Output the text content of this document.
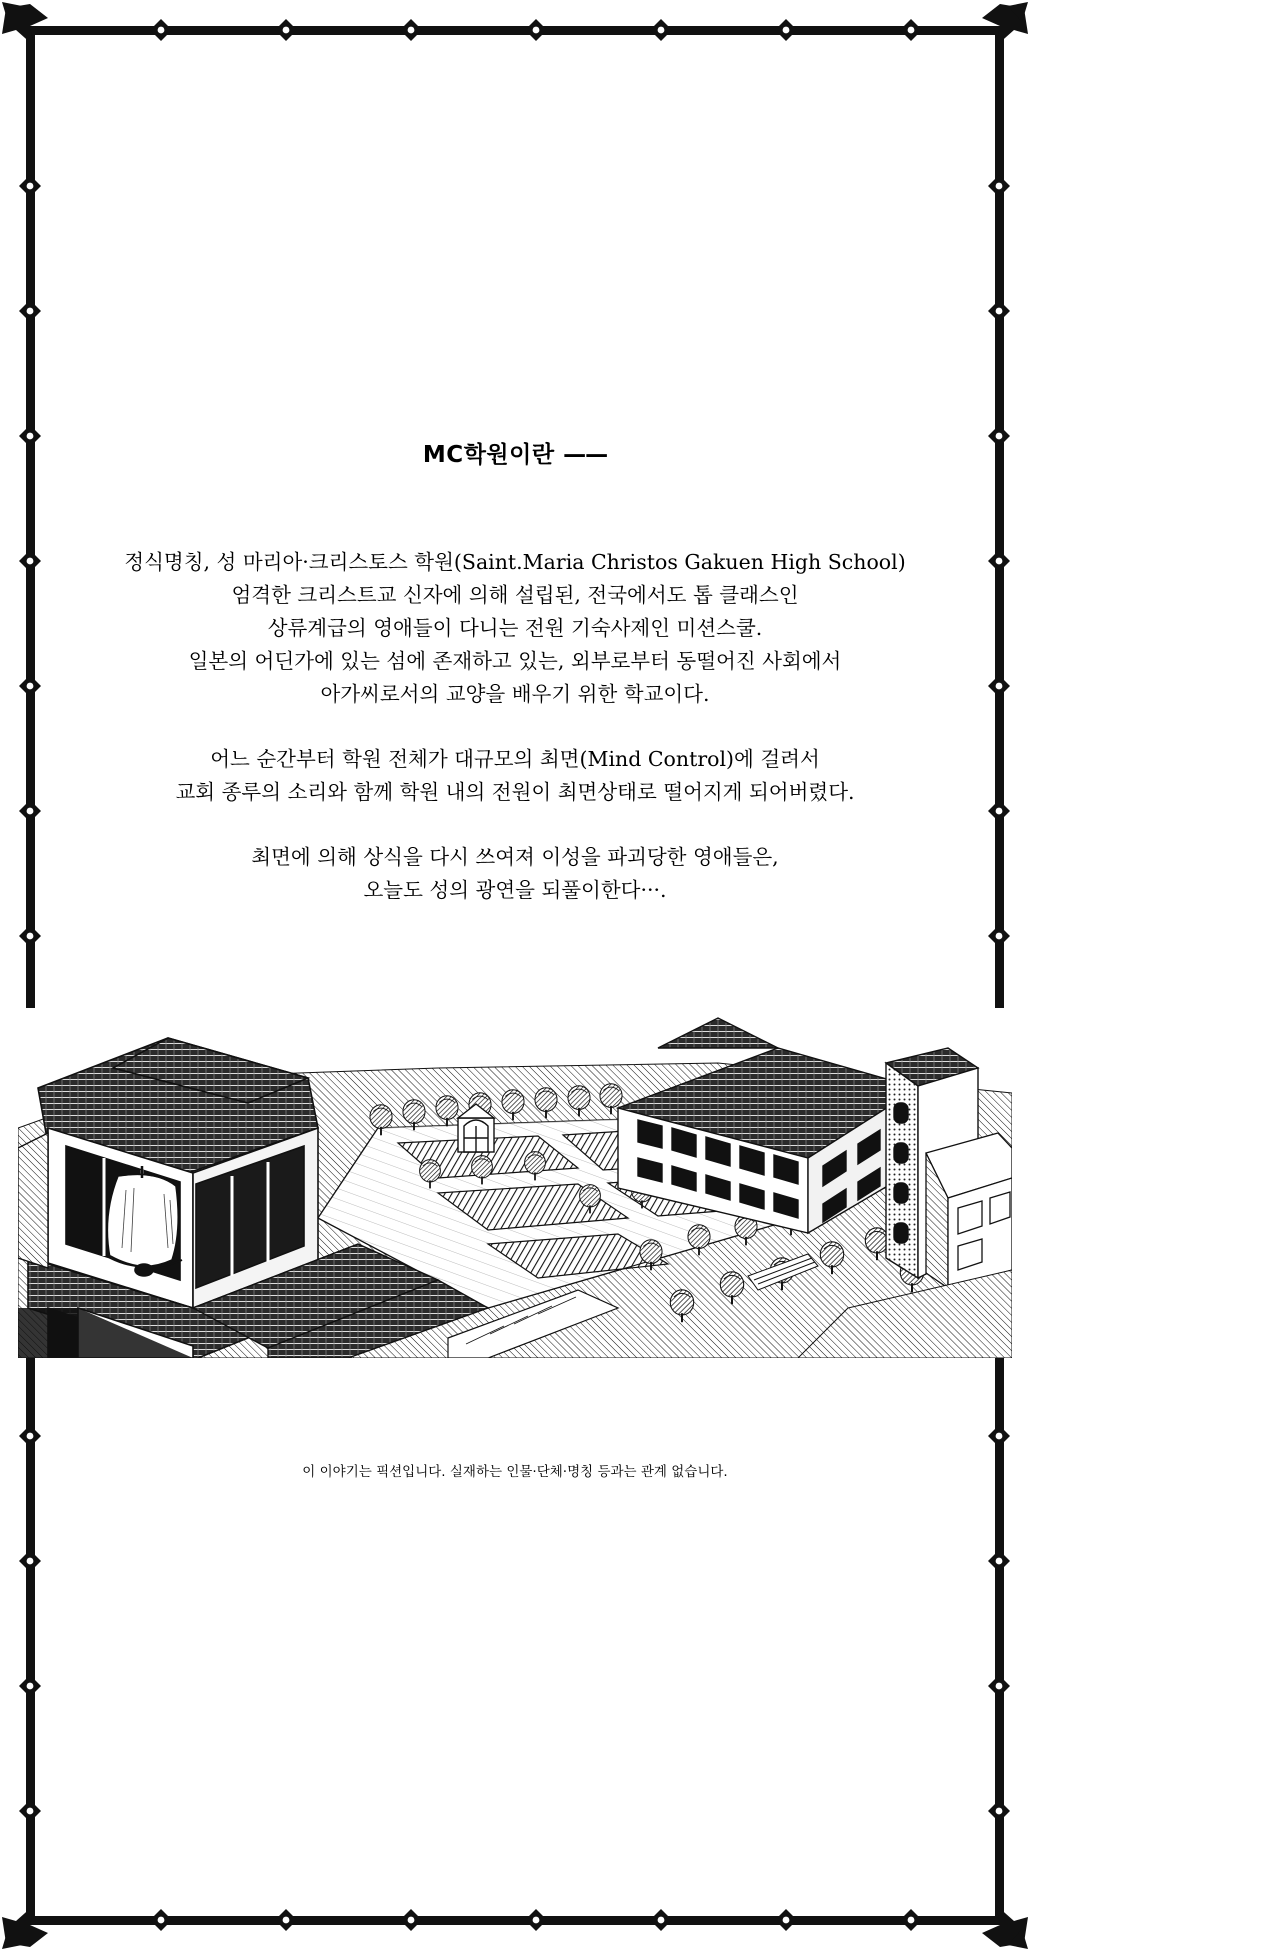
MC학원이란 ——

정식명칭, 성 마리아·크리스토스 학원(Saint.Maria Christos Gakuen High School)
엄격한 크리스트교 신자에 의해 설립된, 전국에서도 톱 클래스인
상류계급의 영애들이 다니는 전원 기숙사제인 미션스쿨.
일본의 어딘가에 있는 섬에 존재하고 있는, 외부로부터 동떨어진 사회에서
아가씨로서의 교양을 배우기 위한 학교이다.

어느 순간부터 학원 전체가 대규모의 최면(Mind Control)에 걸려서
교회 종루의 소리와 함께 학원 내의 전원이 최면상태로 떨어지게 되어버렸다.

최면에 의해 상식을 다시 쓰여져 이성을 파괴당한 영애들은,
오늘도 성의 광연을 되풀이한다···.

이 이야기는 픽션입니다. 실재하는 인물·단체·명칭 등과는 관계 없습니다.
